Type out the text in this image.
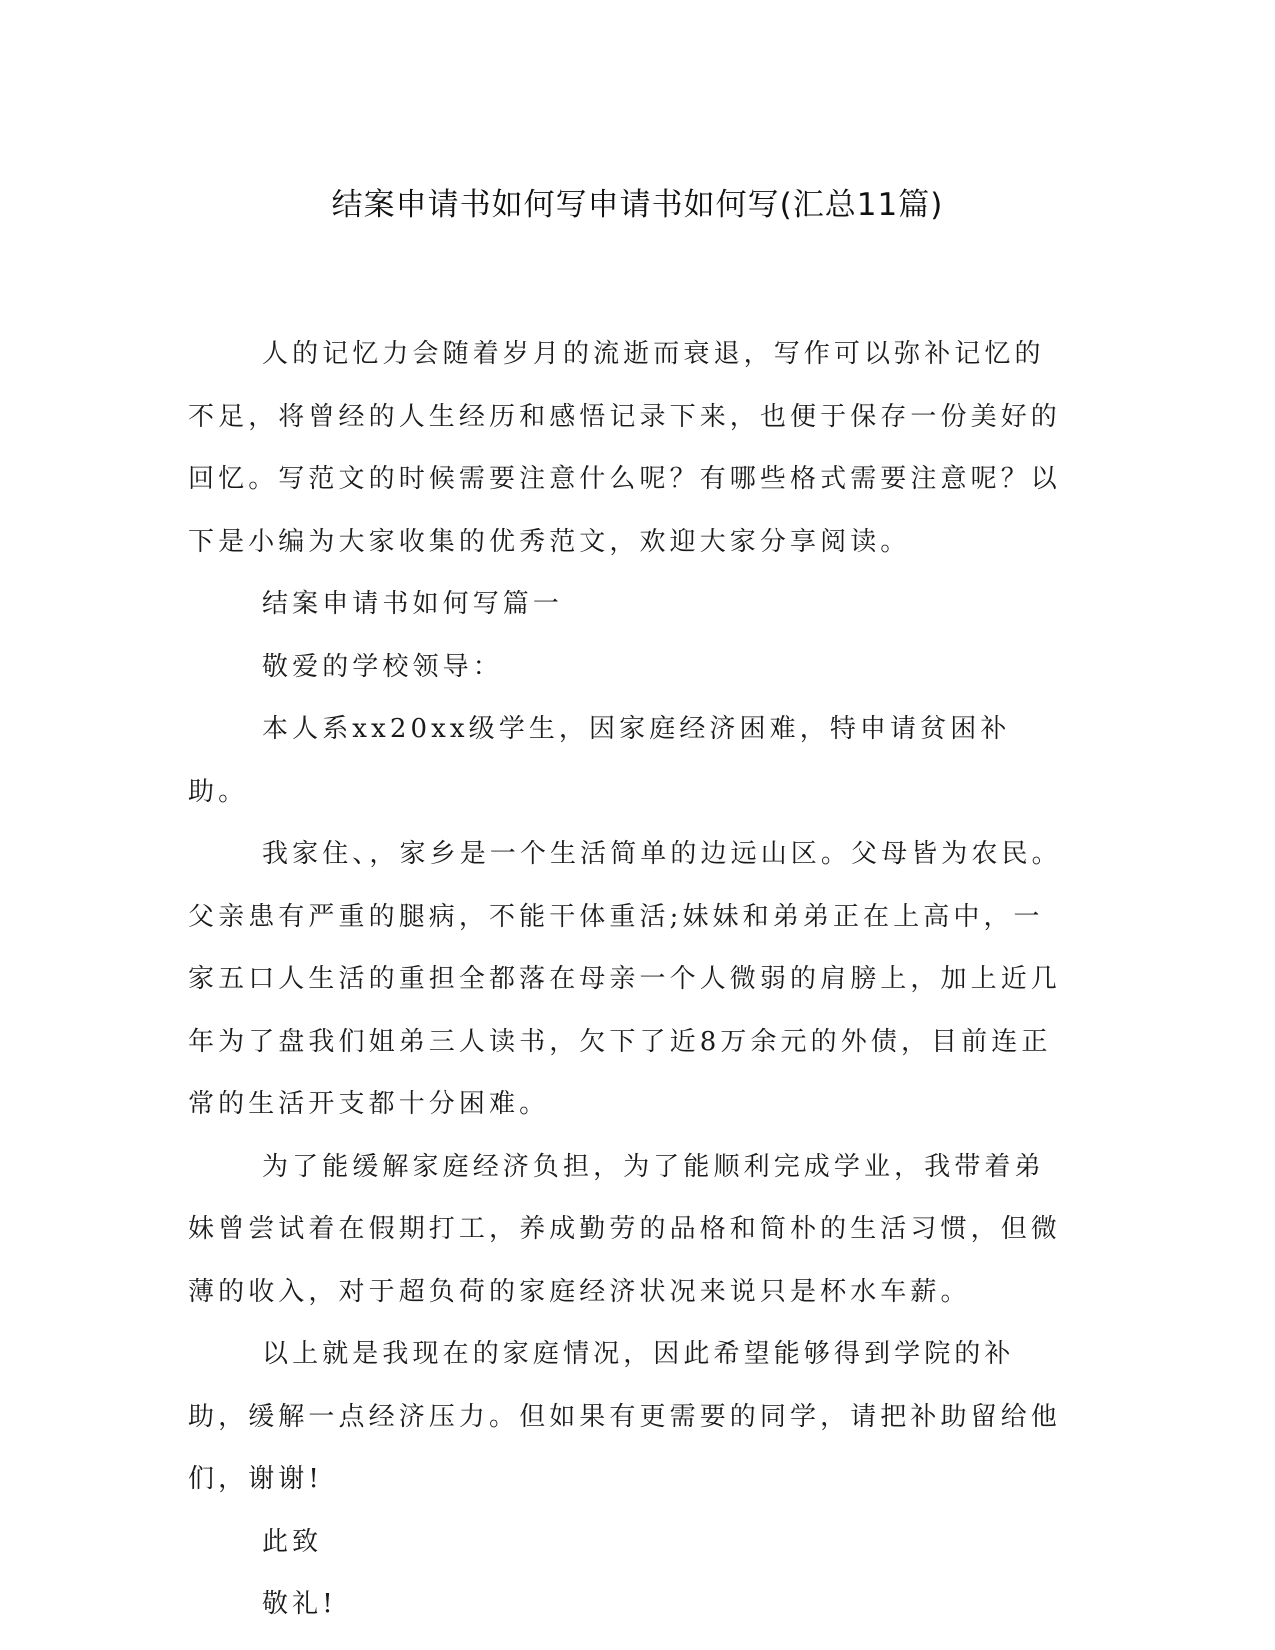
结案申请书如何写申请书如何写(汇总11篇)

人的记忆力会随着岁月的流逝而衰退，写作可以弥补记忆的不足，将曾经的人生经历和感悟记录下来，也便于保存一份美好的回忆。写范文的时候需要注意什么呢？有哪些格式需要注意呢？以下是小编为大家收集的优秀范文，欢迎大家分享阅读。

结案申请书如何写篇一

敬爱的学校领导：

本人系xx20xx级学生，因家庭经济困难，特申请贫困补助。

我家住、，家乡是一个生活简单的边远山区。父母皆为农民。父亲患有严重的腿病，不能干体重活;妹妹和弟弟正在上高中，一家五口人生活的重担全都落在母亲一个人微弱的肩膀上，加上近几年为了盘我们姐弟三人读书，欠下了近8万余元的外债，目前连正常的生活开支都十分困难。

为了能缓解家庭经济负担，为了能顺利完成学业，我带着弟妹曾尝试着在假期打工，养成勤劳的品格和简朴的生活习惯，但微薄的收入，对于超负荷的家庭经济状况来说只是杯水车薪。

以上就是我现在的家庭情况，因此希望能够得到学院的补助，缓解一点经济压力。但如果有更需要的同学，请把补助留给他们，谢谢!

此致

敬礼!
